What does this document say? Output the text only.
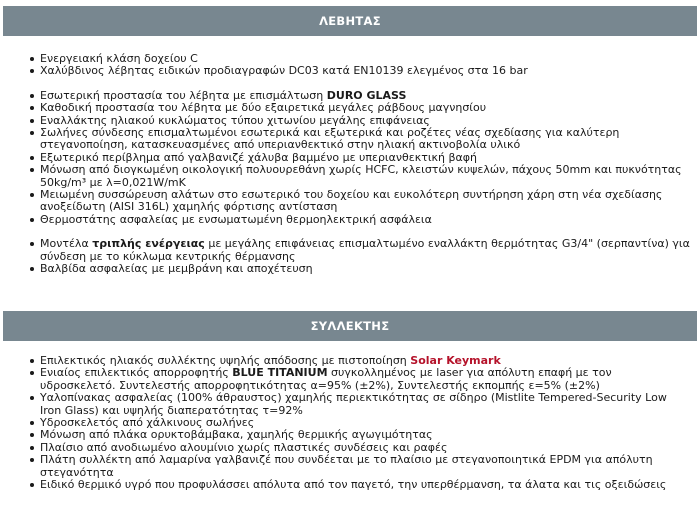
ΛΕΒΗΤΑΣ
Ενεργειακή κλάση δοχείου C
Χαλύβδινος λέβητας ειδικών προδιαγραφών DC03 κατά EN10139 ελεγμένος στα 16 bar
Εσωτερική προστασία του λέβητα με επισμάλτωση DURO GLASS
Καθοδική προστασία του λέβητα με δύο εξαιρετικά μεγάλες ράβδους μαγνησίου
Εναλλάκτης ηλιακού κυκλώματος τύπου χιτωνίου μεγάλης επιφάνειας
Σωλήνες σύνδεσης επισμαλτωμένοι εσωτερικά και εξωτερικά και ροζέτες νέας σχεδίασης για καλύτερη στεγανοποίηση, κατασκευασμένες από υπεριανθεκτικό στην ηλιακή ακτινοβολία υλικό
Εξωτερικό περίβλημα από γαλβανιζέ χάλυβα βαμμένο με υπεριανθεκτική βαφή
Μόνωση από διογκωμένη οικολογική πολυουρεθάνη χωρίς HCFC, κλειστών κυψελών, πάχους 50mm και πυκνότητας 50kg/m³ με λ=0,021W/mK
Μειωμένη συσσώρευση αλάτων στο εσωτερικό του δοχείου και ευκολότερη συντήρηση χάρη στη νέα σχεδίασης ανοξείδωτη (AISI 316L) χαμηλής φόρτισης αντίσταση
Θερμοστάτης ασφαλείας με ενσωματωμένη θερμοηλεκτρική ασφάλεια
Μοντέλα τριπλής ενέργειας με μεγάλης επιφάνειας επισμαλτωμένο εναλλάκτη θερμότητας G3/4" (σερπαντίνα) για σύνδεση με το κύκλωμα κεντρικής θέρμανσης
Βαλβίδα ασφαλείας με μεμβράνη και αποχέτευση
ΣΥΛΛΕΚΤΗΣ
Επιλεκτικός ηλιακός συλλέκτης υψηλής απόδοσης με πιστοποίηση Solar Keymark
Ενιαίος επιλεκτικός απορροφητής BLUE TITANIUM συγκολλημένος με laser για απόλυτη επαφή με τον υδροσκελετό. Συντελεστής απορροφητικότητας α=95% (±2%), Συντελεστής εκπομπής ε=5% (±2%)
Υαλοπίνακας ασφαλείας (100% άθραυστος) χαμηλής περιεκτικότητας σε σίδηρο (Mistlite Tempered-Security Low Iron Glass) και υψηλής διαπερατότητας τ=92%
Υδροσκελετός από χάλκινους σωλήνες
Μόνωση από πλάκα ορυκτοβάμβακα, χαμηλής θερμικής αγωγιμότητας
Πλαίσιο από ανοδιωμένο αλουμίνιο χωρίς πλαστικές συνδέσεις και ραφές
Πλάτη συλλέκτη από λαμαρίνα γαλβανιζέ που συνδέεται με το πλαίσιο με στεγανοποιητικά EPDM για απόλυτη στεγανότητα
Ειδικό θερμικό υγρό που προφυλάσσει απόλυτα από τον παγετό, την υπερθέρμανση, τα άλατα και τις οξειδώσεις
